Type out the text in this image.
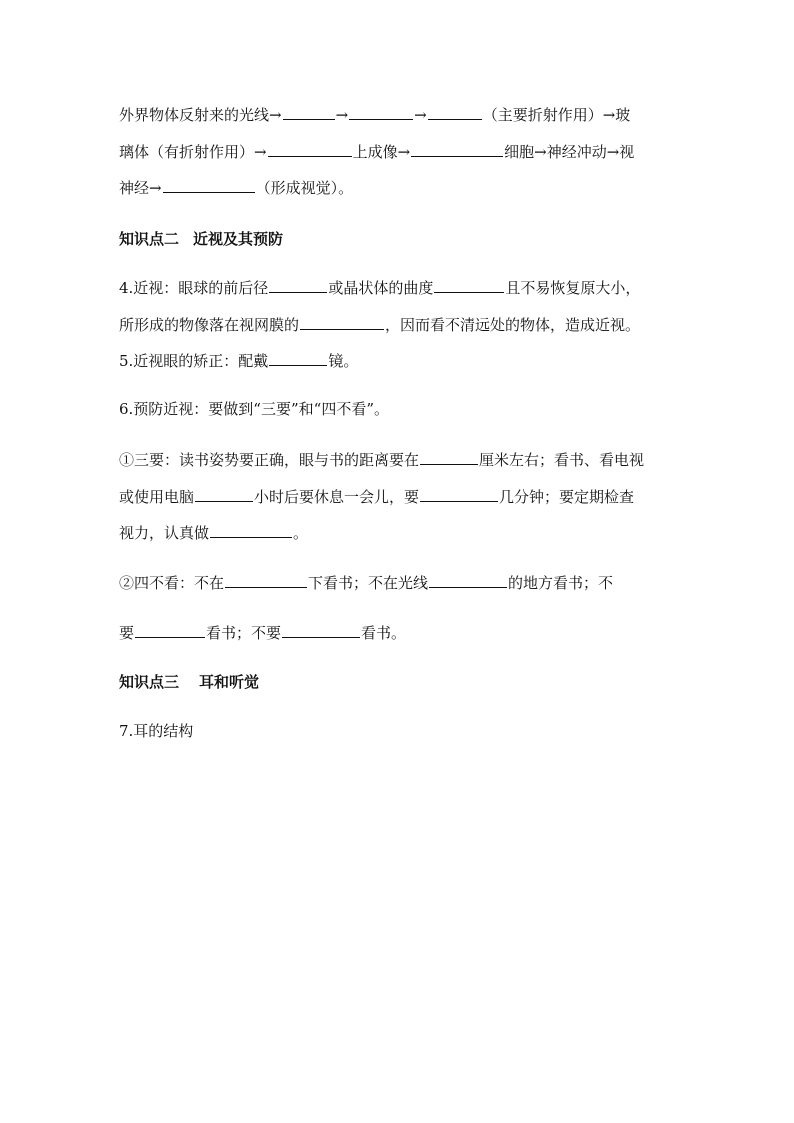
外界物体反射来的光线→	→	→	（主要折射作用）→玻
璃体（有折射作用）→	上成像→	细胞→神经冲动→视
神经→	（形成视觉）。
知识点二 近视及其预防
4.近视：眼球的前后径	或晶状体的曲度	且不易恢复原大小，
所形成的物像落在视网膜的	，因而看不清远处的物体，造成近视。
5.近视眼的矫正：配戴	镜。
6.预防近视：要做到“三要”和“四不看”。
①三要：读书姿势要正确，眼与书的距离要在	厘米左右；看书、看电视
或使用电脑	小时后要休息一会儿，要	几分钟；要定期检查
视力，认真做	。
②四不看：不在	下看书；不在光线	的地方看书；不
要	看书；不要	看书。
知识点三 耳和听觉
7.耳的结构
